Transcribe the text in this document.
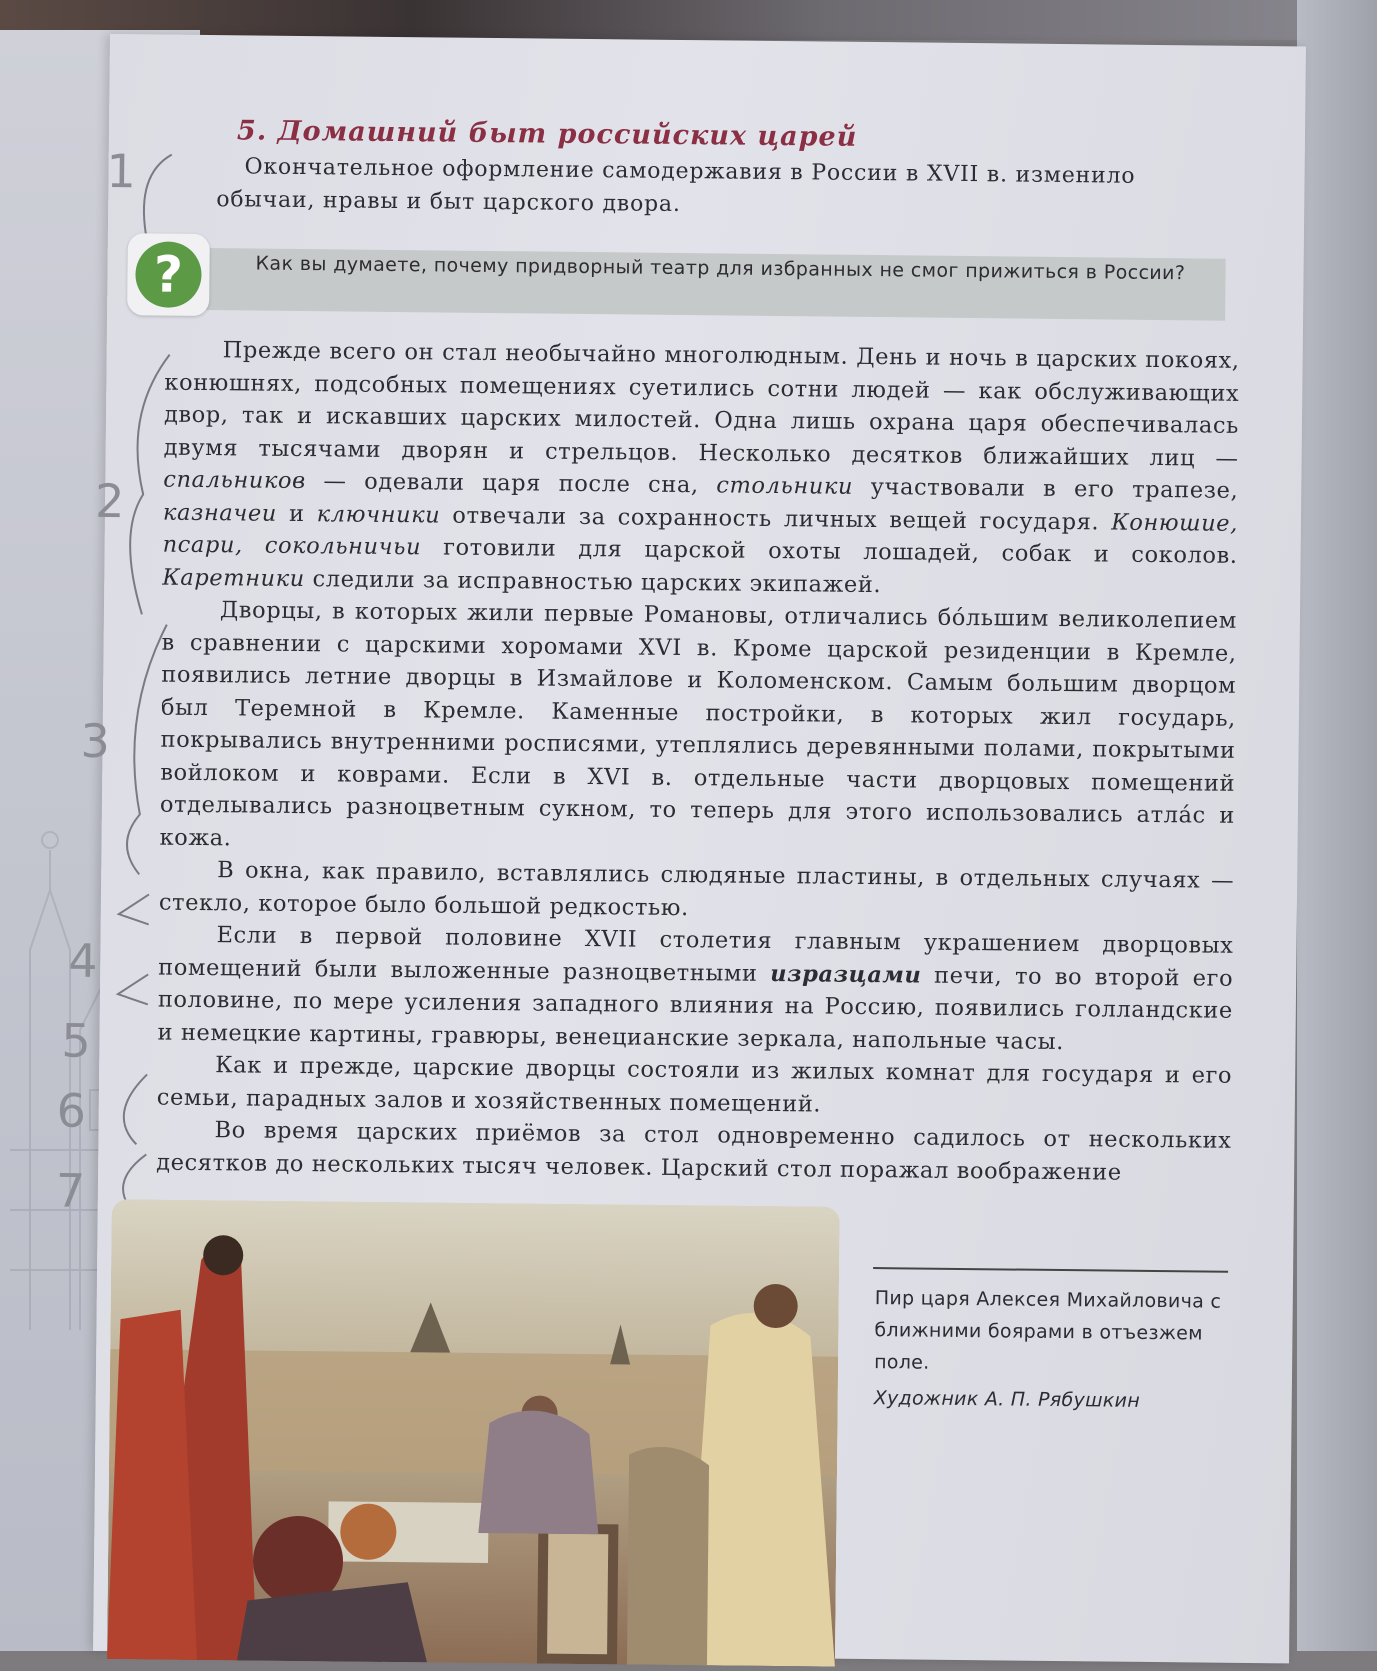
2
3
4
5
6
7
1
5. Домашний быт российских царей

Окончательное оформление самодержавия в России в XVII в. изменило обычаи, нравы и быт царского двора.

?	Как вы думаете, почему придворный театр для избранных не смог прижиться в России?

Прежде всего он стал необычайно многолюдным. День и ночь в царских покоях, конюшнях, подсобных помещениях суетились сотни людей — как обслуживающих двор, так и искавших царских милостей. Одна лишь охрана царя обеспечивалась двумя тысячами дворян и стрельцов. Несколько десятков ближайших лиц — спальников — одевали царя после сна, стольники участвовали в его трапезе, казначеи и ключники отвечали за сохранность личных вещей государя. Конюшие, псари, сокольничьи готовили для царской охоты лошадей, собак и соколов. Каретники следили за исправностью царских экипажей.

Дворцы, в которых жили первые Романовы, отличались бóльшим великолепием в сравнении с царскими хоромами XVI в. Кроме царской резиденции в Кремле, появились летние дворцы в Измайлове и Коломенском. Самым большим дворцом был Теремной в Кремле. Каменные постройки, в которых жил государь, покрывались внутренними росписями, утеплялись деревянными полами, покрытыми войлоком и коврами. Если в XVI в. отдельные части дворцовых помещений отделывались разноцветным сукном, то теперь для этого использовались атлáс и кожа.

В окна, как правило, вставлялись слюдяные пластины, в отдельных случаях — стекло, которое было большой редкостью.

Если в первой половине XVII столетия главным украшением дворцовых помещений были выложенные разноцветными изразцами печи, то во второй его половине, по мере усиления западного влияния на Россию, появились голландские и немецкие картины, гравюры, венецианские зеркала, напольные часы.

Как и прежде, царские дворцы состояли из жилых комнат для государя и его семьи, парадных залов и хозяйственных помещений.

Во время царских приёмов за стол одновременно садилось от нескольких десятков до нескольких тысяч человек. Царский стол поражал воображение

Пир царя Алексея Михайловича с ближними боярами в отъезжем поле.
Художник А. П. Рябушкин
